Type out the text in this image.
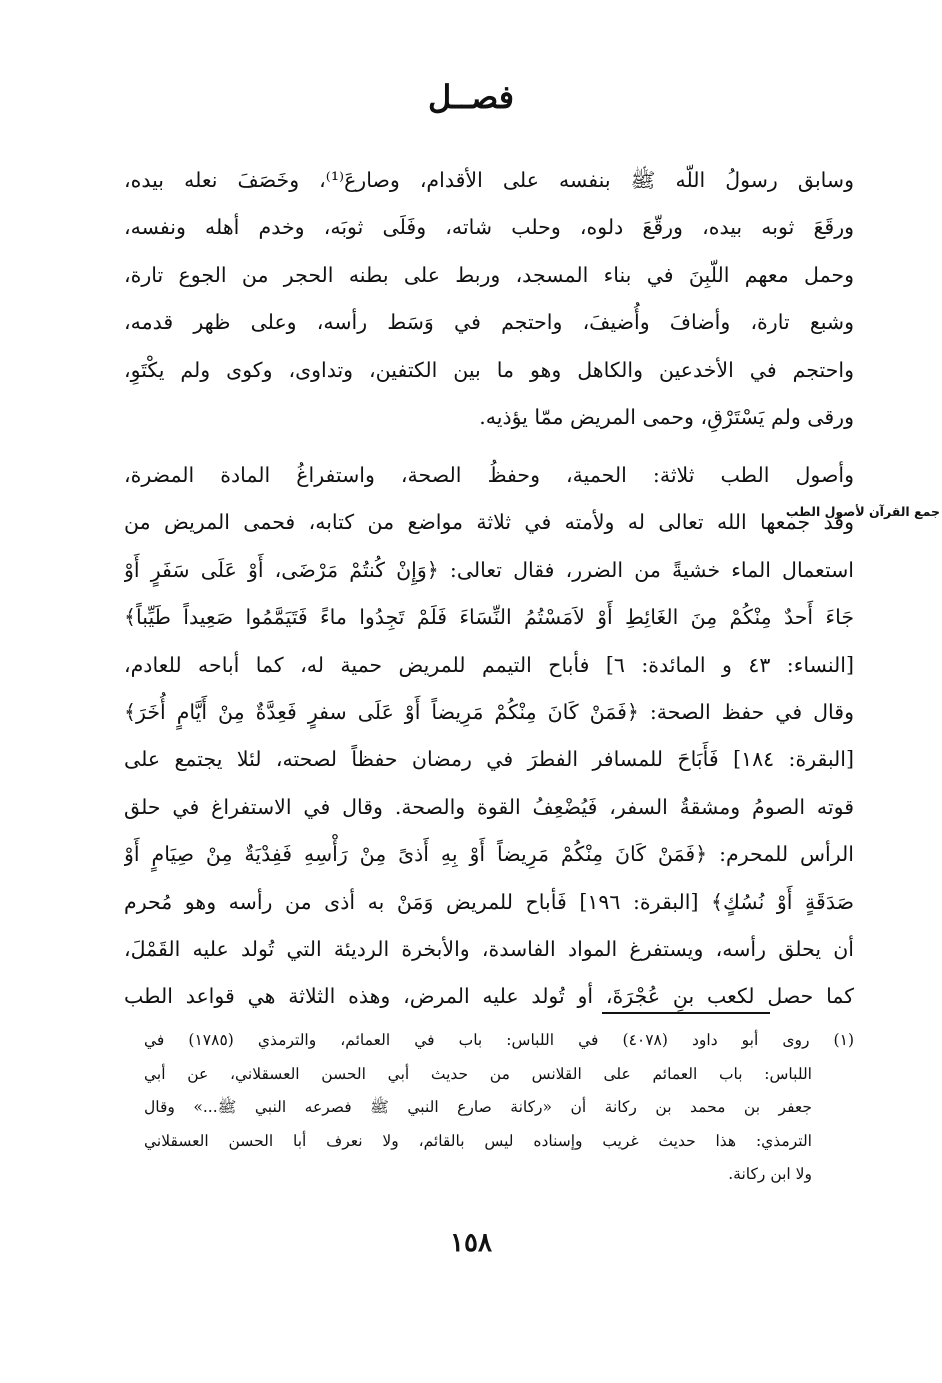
فصــل
وسابق رسولُ اللّه ﷺ بنفسه على الأقدام، وصارعَ⁽¹⁾، وخَصَفَ نعله بيده،
ورقَعَ ثوبه بيده، ورقّعَ دلوه، وحلب شاته، وفَلَى ثوبَه، وخدم أهله ونفسه،
وحمل معهم اللّبِنَ في بناء المسجد، وربط على بطنه الحجر من الجوع تارة،
وشبع تارة، وأضافَ وأُضيفَ، واحتجم في وَسَط رأسه، وعلى ظهر قدمه،
واحتجم في الأخدعين والكاهل وهو ما بين الكتفين، وتداوى، وكوى ولم يكْتَوِ،
ورقى ولم يَسْتَرْقِ، وحمى المريض ممّا يؤذيه.
جمع القرآن لأصول الطب
وأصول الطب ثلاثة: الحمية، وحفظُ الصحة، واستفراغُ المادة المضرة،
وقد جمعها الله تعالى له ولأمته في ثلاثة مواضع من كتابه، فحمى المريض من
استعمال الماء خشيةً من الضرر، فقال تعالى: ﴿وَإِنْ كُنتُمْ مَرْضَى، أَوْ عَلَى سَفَرٍ أَوْ
جَاءَ أَحدٌ مِنْكُمْ مِنَ الغَائِطِ أَوْ لاَمَسْتُمُ النِّسَاءَ فَلَمْ تَجِدُوا ماءً فَتَيَمَّمُوا صَعِيداً طَيِّباً﴾
[النساء: ٤٣ و المائدة: ٦] فأباح التيمم للمريض حمية له، كما أباحه للعادم،
وقال في حفظ الصحة: ﴿فَمَنْ كَانَ مِنْكُمْ مَرِيضاً أَوْ عَلَى سفرٍ فَعِدَّةٌ مِنْ أَيَّامٍ أُخَرَ﴾
[البقرة: ١٨٤] فَأَبَاحَ للمسافر الفطرَ في رمضان حفظاً لصحته، لئلا يجتمع على
قوته الصومُ ومشقةُ السفر، فَيُضْعِفُ القوة والصحة. وقال في الاستفراغ في حلق
الرأس للمحرم: ﴿فَمَنْ كَانَ مِنْكُمْ مَرِيضاً أَوْ بِهِ أَذىً مِنْ رَأْسِهِ فَفِدْيَةٌ مِنْ صِيَامٍ أَوْ
صَدَقَةٍ أَوْ نُسُكٍ﴾ [البقرة: ١٩٦] فَأباح للمريض وَمَنْ به أذى من رأسه وهو مُحرم
أن يحلق رأسه، ويستفرغ المواد الفاسدة، والأبخرة الرديئة التي تُولد عليه القَمْلَ،
كما حصل لكعب بنِ عُجْرَةَ، أو تُولد عليه المرض، وهذه الثلاثة هي قواعد الطب
(١) روى أبو داود (٤٠٧٨) في اللباس: باب في العمائم، والترمذي (١٧٨٥) في
اللباس: باب العمائم على القلانس من حديث أبي الحسن العسقلاني، عن أبي
جعفر بن محمد بن ركانة أن «ركانة صارع النبي ﷺ فصرعه النبي ﷺ...» وقال
الترمذي: هذا حديث غريب وإسناده ليس بالقائم، ولا نعرف أبا الحسن العسقلاني
ولا ابن ركانة.
١٥٨
